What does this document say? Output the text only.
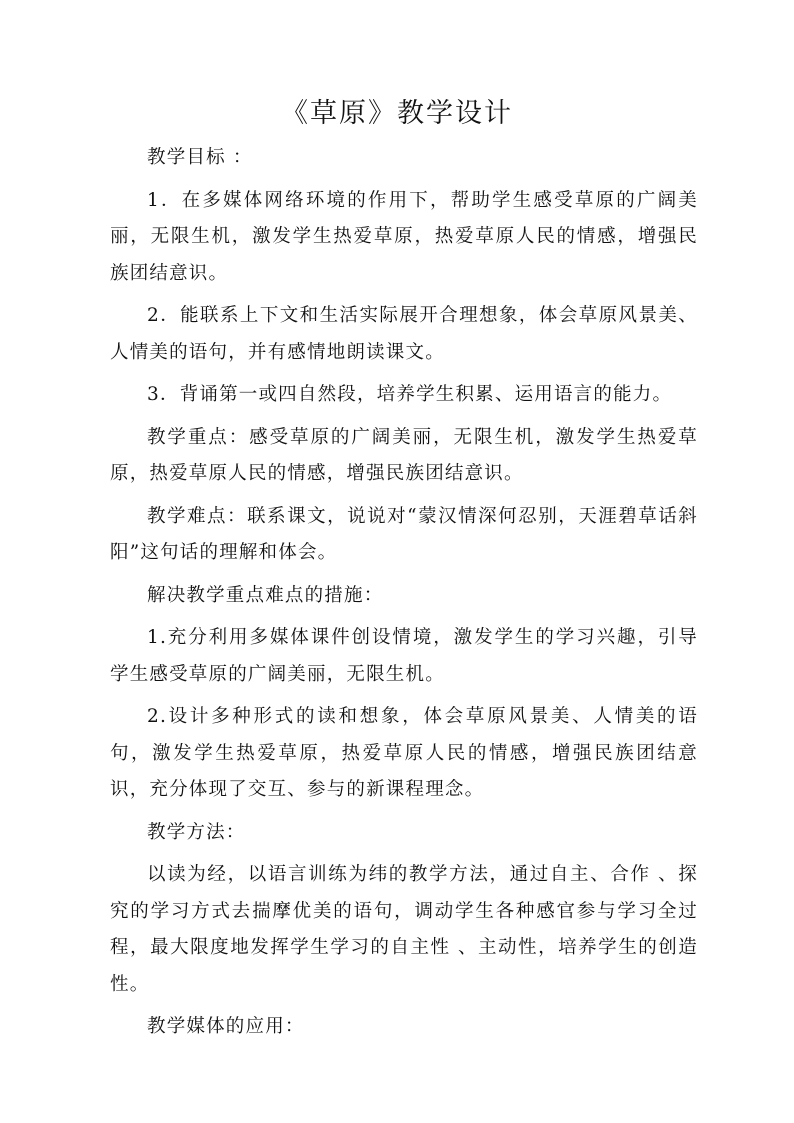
《草原》教学设计

教学目标 ：

1．在多媒体网络环境的作用下，帮助学生感受草原的广阔美丽，无限生机，激发学生热爱草原，热爱草原人民的情感，增强民族团结意识。

2．能联系上下文和生活实际展开合理想象，体会草原风景美、人情美的语句，并有感情地朗读课文。

3．背诵第一或四自然段，培养学生积累、运用语言的能力。

教学重点：感受草原的广阔美丽，无限生机，激发学生热爱草原，热爱草原人民的情感，增强民族团结意识。

教学难点：联系课文，说说对“蒙汉情深何忍别，天涯碧草话斜阳”这句话的理解和体会。

解决教学重点难点的措施：

1.充分利用多媒体课件创设情境，激发学生的学习兴趣，引导学生感受草原的广阔美丽，无限生机。

2.设计多种形式的读和想象，体会草原风景美、人情美的语句，激发学生热爱草原，热爱草原人民的情感，增强民族团结意识，充分体现了交互、参与的新课程理念。

教学方法：

以读为经，以语言训练为纬的教学方法，通过自主、合作 、探究的学习方式去揣摩优美的语句，调动学生各种感官参与学习全过程，最大限度地发挥学生学习的自主性 、主动性，培养学生的创造性。

教学媒体的应用：
